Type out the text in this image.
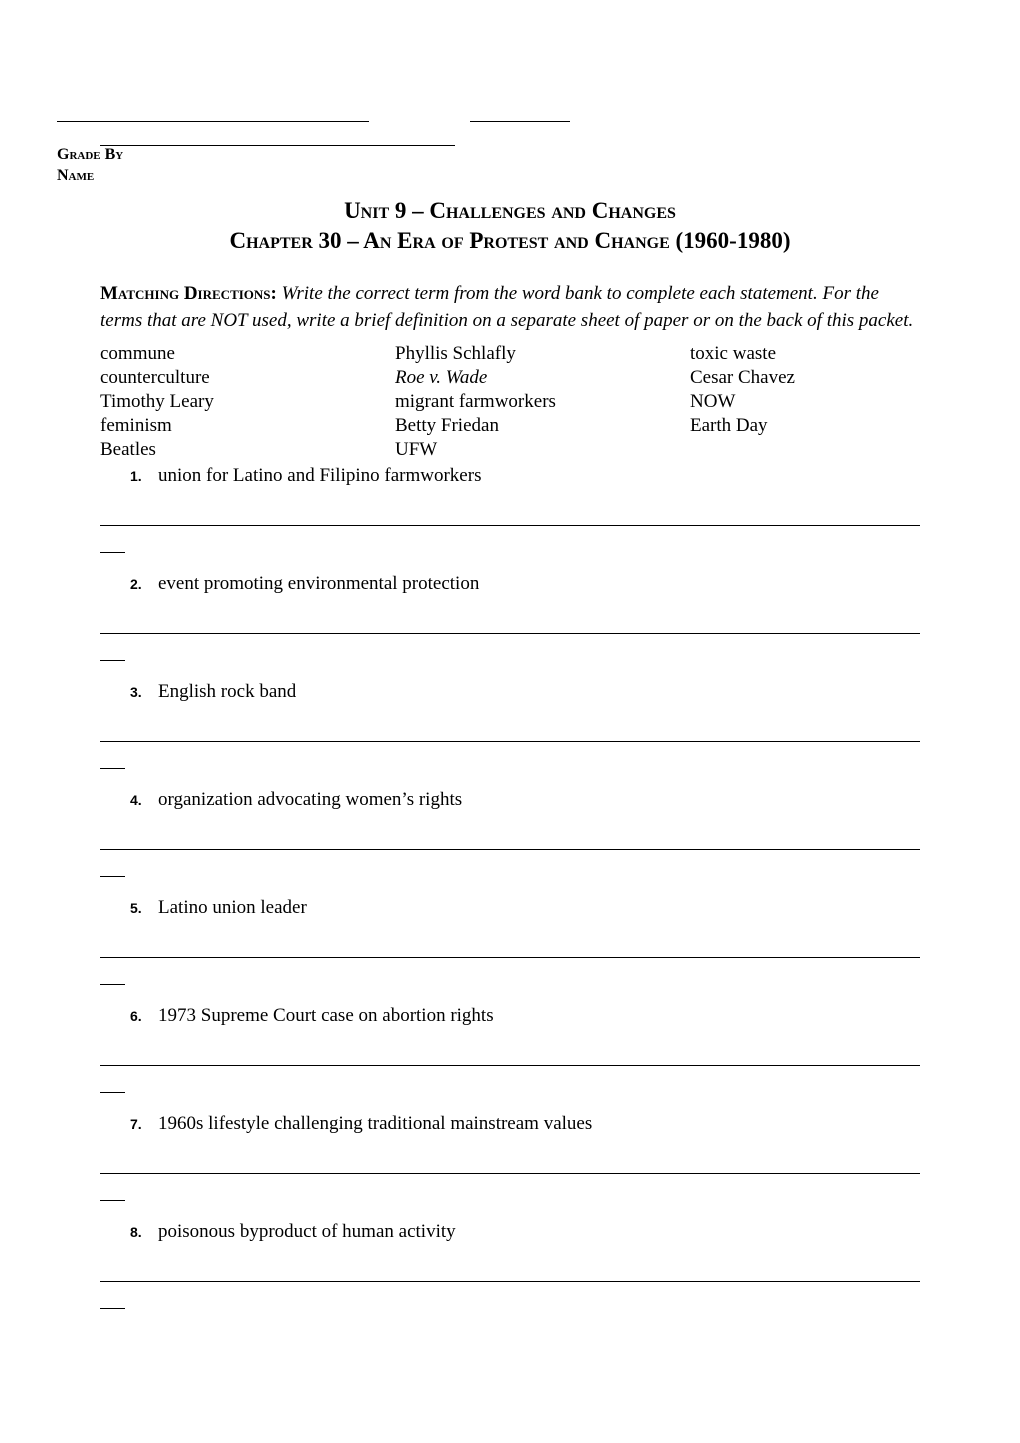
Grade By
Name
Unit 9 – Challenges and Changes
Chapter 30 – An Era of Protest and Change (1960-1980)

Matching Directions: Write the correct term from the word bank to complete each statement. For the terms that are NOT used, write a brief definition on a separate sheet of paper or on the back of this packet.

commune	Phyllis Schlafly	toxic waste
counterculture	Roe v. Wade	Cesar Chavez
Timothy Leary	migrant farmworkers	NOW
feminism	Betty Friedan	Earth Day
Beatles	UFW
1. union for Latino and Filipino farmworkers
2. event promoting environmental protection
3. English rock band
4. organization advocating women’s rights
5. Latino union leader
6. 1973 Supreme Court case on abortion rights
7. 1960s lifestyle challenging traditional mainstream values
8. poisonous byproduct of human activity
